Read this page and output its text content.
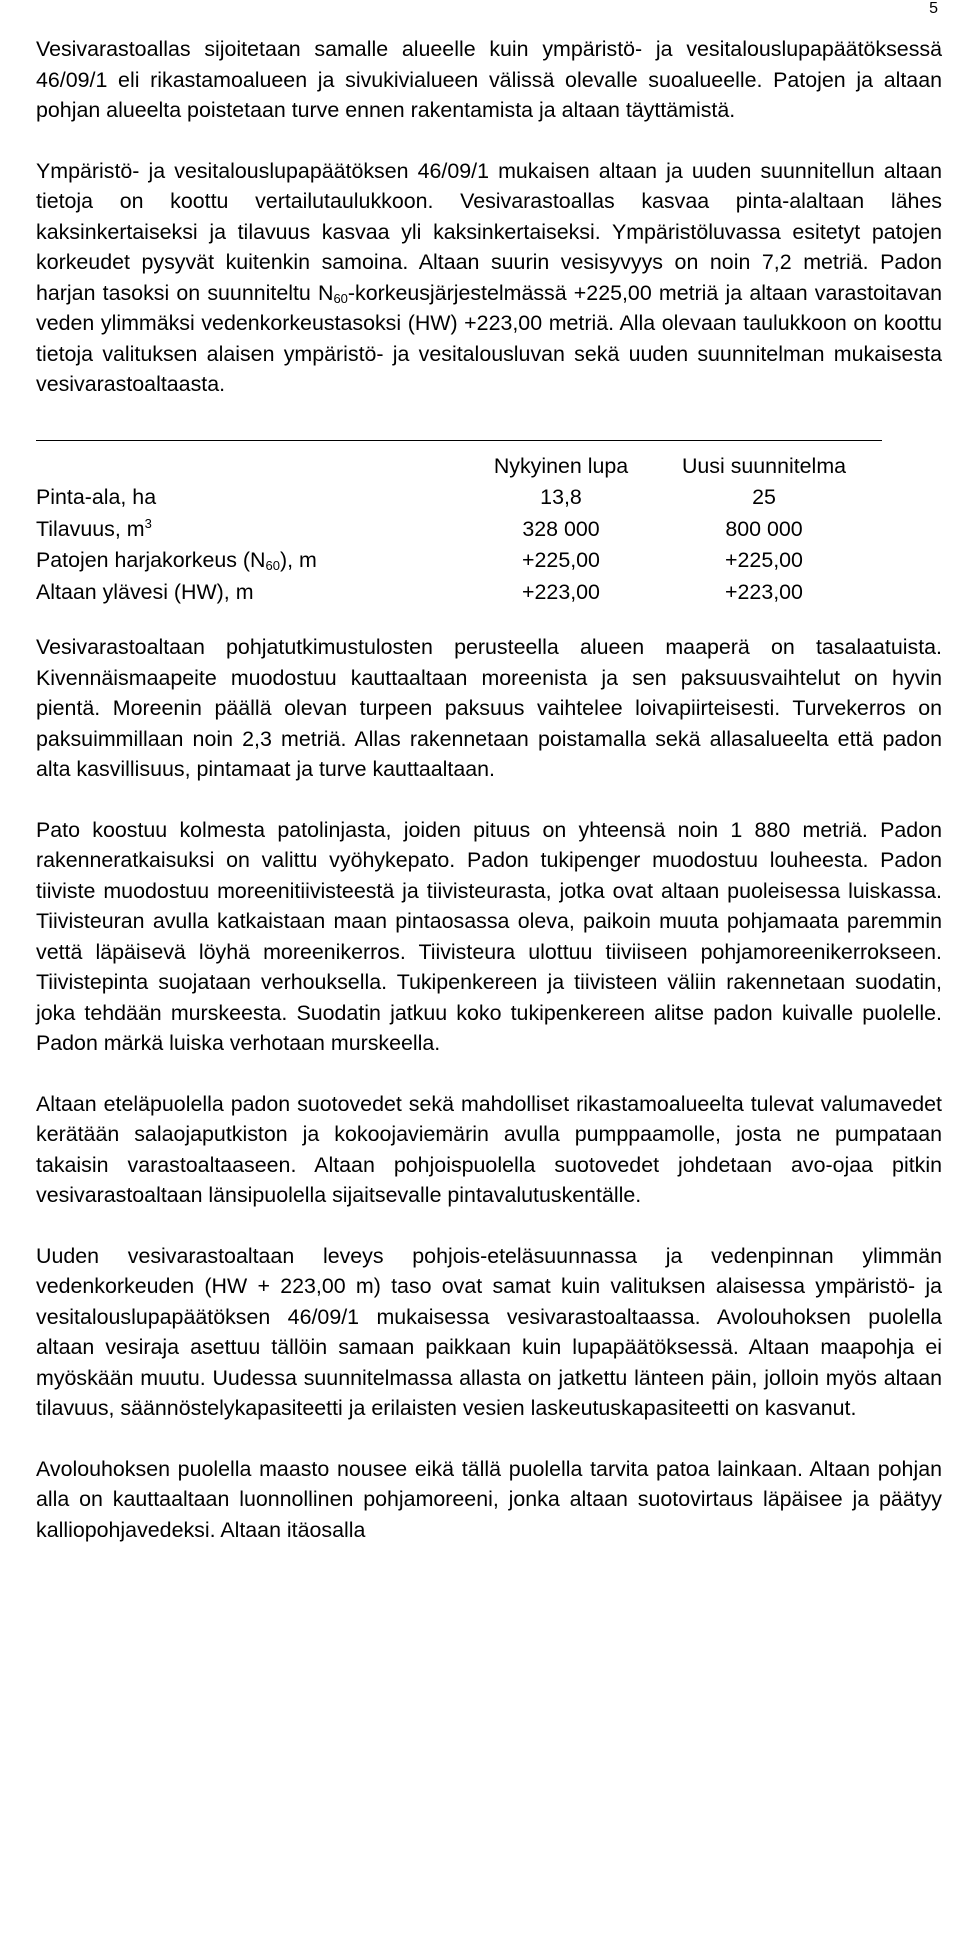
5

Vesivarastoallas sijoitetaan samalle alueelle kuin ympäristö- ja vesitalouslupapäätöksessä 46/09/1 eli rikastamoalueen ja sivukivialueen välissä olevalle suoalueelle. Patojen ja altaan pohjan alueelta poistetaan turve ennen rakentamista ja altaan täyttämistä.

Ympäristö- ja vesitalouslupapäätöksen 46/09/1 mukaisen altaan ja uuden suunnitellun altaan tietoja on koottu vertailutaulukkoon. Vesivarastoallas kasvaa pinta-alaltaan lähes kaksinkertaiseksi ja tilavuus kasvaa yli kaksinkertaiseksi. Ympäristöluvassa esitetyt patojen korkeudet pysyvät kuitenkin samoina. Altaan suurin vesisyvyys on noin 7,2 metriä. Padon harjan tasoksi on suunniteltu $N_{60}$-korkeusjärjestelmässä +225,00 metriä ja altaan varastoitavan veden ylimmäksi vedenkorkeustasoksi (HW) +223,00 metriä. Alla olevaan taulukkoon on koottu tietoja valituksen alaisen ympäristö- ja vesitalousluvan sekä uuden suunnitelman mukaisesta vesivarastoaltaasta.

	Nykyinen lupa	Uusi suunnitelma
Pinta-ala, ha	13,8	25
Tilavuus, $m^3$	328 000	800 000
Patojen harjakorkeus $(N_{60})$, m	+225,00	+225,00
Altaan ylävesi (HW), m	+223,00	+223,00

Vesivarastoaltaan pohjatutkimustulosten perusteella alueen maaperä on tasalaatuista. Kivennäismaapeite muodostuu kauttaaltaan moreenista ja sen paksuusvaihtelut on hyvin pientä. Moreenin päällä olevan turpeen paksuus vaihtelee loivapiirteisesti. Turvekerros on paksuimmillaan noin 2,3 metriä. Allas rakennetaan poistamalla sekä allasalueelta että padon alta kasvillisuus, pintamaat ja turve kauttaaltaan.

Pato koostuu kolmesta patolinjasta, joiden pituus on yhteensä noin 1 880 metriä. Padon rakenneratkaisuksi on valittu vyöhykepato. Padon tukipenger muodostuu louheesta. Padon tiiviste muodostuu moreenitiivisteestä ja tiivisteurasta, jotka ovat altaan puoleisessa luiskassa. Tiivisteuran avulla katkaistaan maan pintaosassa oleva, paikoin muuta pohjamaata paremmin vettä läpäisevä löyhä moreenikerros. Tiivisteura ulottuu tiiviiseen pohjamoreenikerrokseen. Tiivistepinta suojataan verhouksella. Tukipenkereen ja tiivisteen väliin rakennetaan suodatin, joka tehdään murskeesta. Suodatin jatkuu koko tukipenkereen alitse padon kuivalle puolelle. Padon märkä luiska verhotaan murskeella.

Altaan eteläpuolella padon suotovedet sekä mahdolliset rikastamoalueelta tulevat valumavedet kerätään salaojaputkiston ja kokoojaviemärin avulla pumppaamolle, josta ne pumpataan takaisin varastoaltaaseen. Altaan pohjoispuolella suotovedet johdetaan avo-ojaa pitkin vesivarastoaltaan länsipuolella sijaitsevalle pintavalutuskentälle.

Uuden vesivarastoaltaan leveys pohjois-eteläsuunnassa ja vedenpinnan ylimmän vedenkorkeuden (HW + 223,00 m) taso ovat samat kuin valituksen alaisessa ympäristö- ja vesitalouslupapäätöksen 46/09/1 mukaisessa vesivarastoaltaassa. Avolouhoksen puolella altaan vesiraja asettuu tällöin samaan paikkaan kuin lupapäätöksessä. Altaan maapohja ei myöskään muutu. Uudessa suunnitelmassa allasta on jatkettu länteen päin, jolloin myös altaan tilavuus, säännöstelykapasiteetti ja erilaisten vesien laskeutuskapasiteetti on kasvanut.

Avolouhoksen puolella maasto nousee eikä tällä puolella tarvita patoa lainkaan. Altaan pohjan alla on kauttaaltaan luonnollinen pohjamoreeni, jonka altaan suotovirtaus läpäisee ja päätyy kalliopohjavedeksi. Altaan itäosalla
